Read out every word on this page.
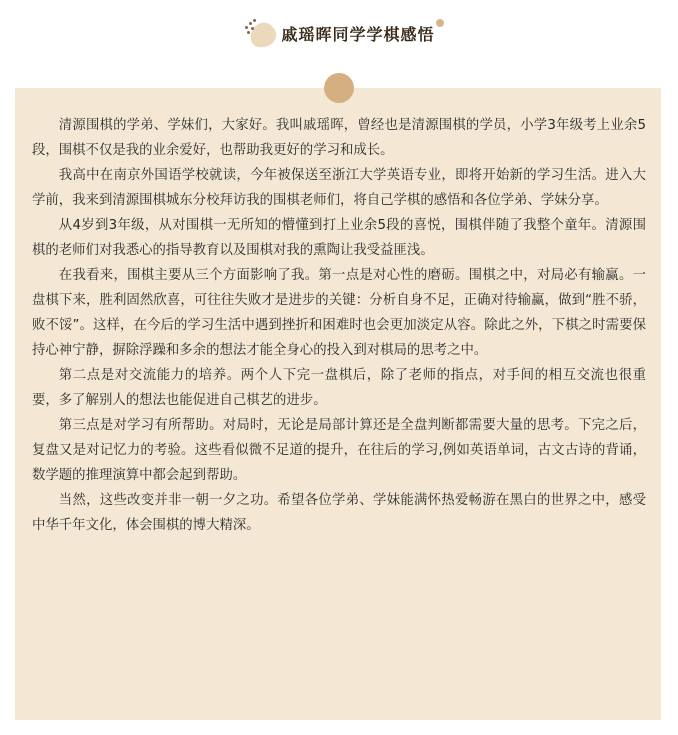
戚瑶晖同学学棋感悟

清源围棋的学弟、学妹们，大家好。我叫戚瑶晖，曾经也是清源围棋的学员，小学3年级考上业余5段，围棋不仅是我的业余爱好，也帮助我更好的学习和成长。

我高中在南京外国语学校就读，今年被保送至浙江大学英语专业，即将开始新的学习生活。进入大学前，我来到清源围棋城东分校拜访我的围棋老师们，将自己学棋的感悟和各位学弟、学妹分享。

从4岁到3年级，从对围棋一无所知的懵懂到打上业余5段的喜悦，围棋伴随了我整个童年。清源围棋的老师们对我悉心的指导教育以及围棋对我的熏陶让我受益匪浅。

在我看来，围棋主要从三个方面影响了我。第一点是对心性的磨砺。围棋之中，对局必有输赢。一盘棋下来，胜利固然欣喜，可往往失败才是进步的关键：分析自身不足，正确对待输赢，做到“胜不骄，败不馁”。这样，在今后的学习生活中遇到挫折和困难时也会更加淡定从容。除此之外，下棋之时需要保持心神宁静，摒除浮躁和多余的想法才能全身心的投入到对棋局的思考之中。

第二点是对交流能力的培养。两个人下完一盘棋后，除了老师的指点，对手间的相互交流也很重要，多了解别人的想法也能促进自己棋艺的进步。

第三点是对学习有所帮助。对局时，无论是局部计算还是全盘判断都需要大量的思考。下完之后，复盘又是对记忆力的考验。这些看似微不足道的提升，在往后的学习,例如英语单词，古文古诗的背诵，数学题的推理演算中都会起到帮助。

当然，这些改变并非一朝一夕之功。希望各位学弟、学妹能满怀热爱畅游在黑白的世界之中，感受中华千年文化，体会围棋的博大精深。
